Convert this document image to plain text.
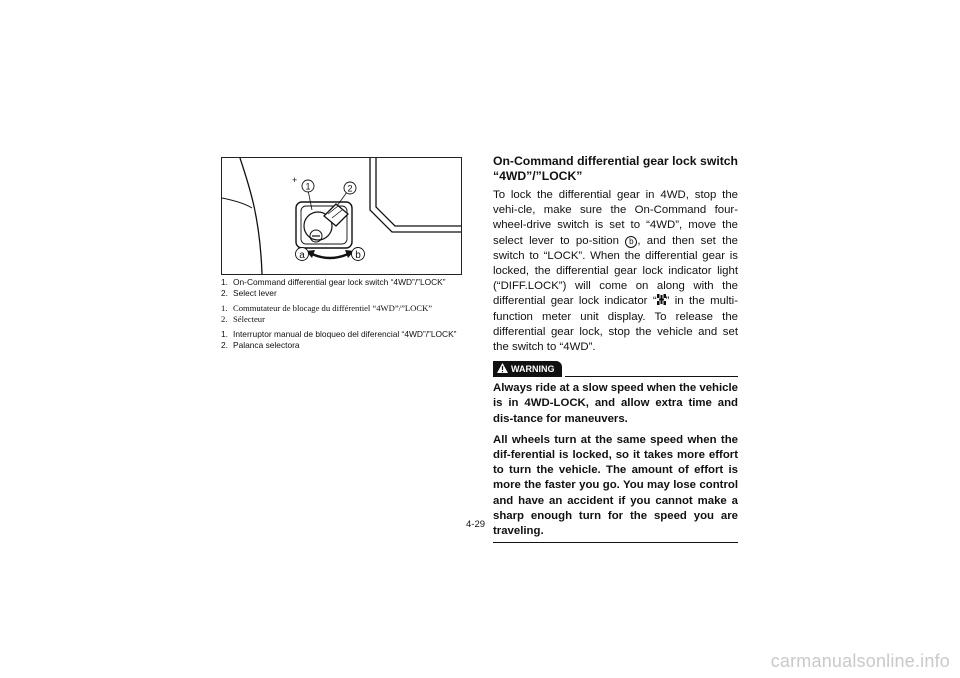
+
1	2
a	b
1. On-Command differential gear lock switch “4WD”/”LOCK”
2. Select lever
1. Commutateur de blocage du différentiel “4WD”/”LOCK”
2. Sélecteur
1. Interruptor manual de bloqueo del diferencial “4WD”/”LOCK”
2. Palanca selectora
On-Command differential gear lock switch “4WD”/”LOCK”

To lock the differential gear in 4WD, stop the vehi-cle, make sure the On-Command four-wheel-drive switch is set to “4WD”, move the select lever to po-sition b , and then set the switch to “LOCK”. When the differential gear is locked, the differential gear lock indicator light (“DIFF.LOCK”) will come on along with the differential gear lock indicator “ ” in the multi-function meter unit display. To release the differential gear lock, stop the vehicle and set the switch to “4WD”.

WARNING

Always ride at a slow speed when the vehicle is in 4WD-LOCK, and allow extra time and dis-tance for maneuvers.

All wheels turn at the same speed when the dif-ferential is locked, so it takes more effort to turn the vehicle. The amount of effort is more the faster you go. You may lose control and have an accident if you cannot make a sharp enough turn for the speed you are traveling.

4-29
carmanualsonline.info
